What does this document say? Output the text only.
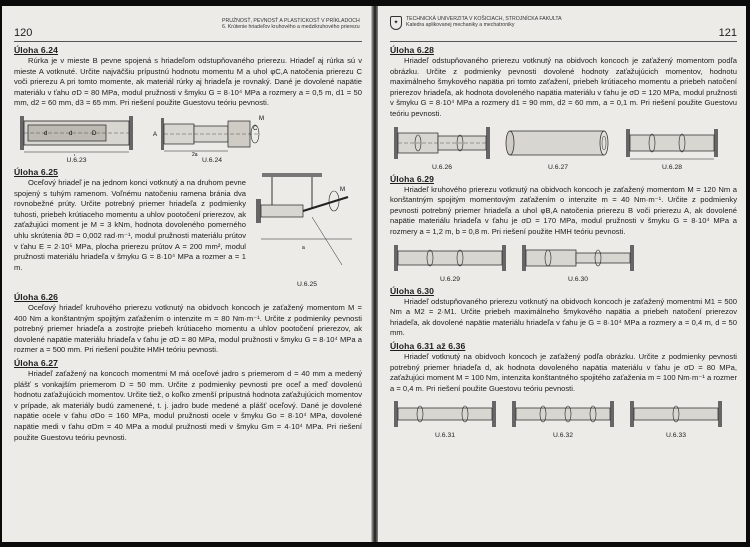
120
PRUŽNOSŤ, PEVNOSŤ A PLASTICKOSŤ V PRÍKLADOCH 6. Krútenie hriadeľov kruhového a medzikruhového prierezu
Úloha 6.24

Rúrka je v mieste B pevne spojená s hriadeľom odstupňovaného prierezu. Hriadeľ aj rúrka sú v mieste A votknuté. Určite najväčšiu prípustnú hodnotu momentu M a uhol φC,A natočenia prierezu C voči prierezu A pri tomto momente, ak materiál rúrky aj hriadeľa je rovnaký. Dané je dovolené napätie materiálu v ťahu σD = 80 MPa, modul pružnosti v šmyku G = 8·10⁴ MPa a rozmery a = 0,5 m, d1 = 50 mm, d2 = 60 mm, d3 = 65 mm. Pri riešení použite Guestovu teóriu pevnosti.

d	d	D
U.6.23
A
C
M
2a
U.6.24
M
a
U.6.25
Úloha 6.25

Oceľový hriadeľ je na jednom konci votknutý a na druhom pevne spojený s tuhým ramenom. Voľnému natočeniu ramena bránia dva rovnobežné prúty. Určite potrebný priemer hriadeľa z podmienky tuhosti, priebeh krútiaceho momentu a uhlov pootočení prierezov, ak zaťažujúci moment je M = 3 kNm, hodnota dovoleného pomerného uhlu skrútenia ϑD = 0,002 rad·m⁻¹, modul pružnosti materiálu prútov v ťahu E = 2·10⁵ MPa, plocha prierezu prútov A = 200 mm², modul pružnosti materiálu hriadeľa v šmyku G = 8·10⁴ MPa a rozmer a = 1 m.

Úloha 6.26

Oceľový hriadeľ kruhového prierezu votknutý na obidvoch koncoch je zaťažený momentom M = 400 Nm a konštantným spojitým zaťažením o intenzite m = 80 Nm·m⁻¹. Určite z podmienky pevnosti potrebný priemer hriadeľa a zostrojte priebeh krútiaceho momentu a uhlov pootočení prierezov, ak dovolené napätie materiálu hriadeľa v ťahu je σD = 80 MPa, modul pružnosti v šmyku G = 8·10⁴ MPa a rozmer a = 500 mm. Pri riešení použite HMH teóriu pevnosti.

Úloha 6.27

Hriadeľ zaťažený na koncoch momentmi M má oceľové jadro s priemerom d = 40 mm a medený plášť s vonkajším priemerom D = 50 mm. Určite z podmienky pevnosti pre oceľ a meď dovolenú hodnotu zaťažujúcich momentov. Určite tiež, o koľko zmenší prípustná hodnota zaťažujúcich momentov v prípade, ak materiály budú zamenené, t. j. jadro bude medené a plášť oceľový. Dané je dovolené napätie ocele v ťahu σDo = 160 MPa, modul pružnosti ocele v šmyku Go = 8·10⁴ MPa, dovolené napätie medi v ťahu σDm = 40 MPa a modul pružnosti medi v šmyku Gm = 4·10⁴ MPa. Pri riešení použite Guestovu teóriu pevnosti.

✦
TECHNICKÁ UNIVERZITA V KOŠICIACH, STROJNÍCKA FAKULTA Katedra aplikovanej mechaniky a mechatroniky
121
Úloha 6.28

Hriadeľ odstupňovaného prierezu votknutý na obidvoch koncoch je zaťažený momentom podľa obrázku. Určite z podmienky pevnosti dovolené hodnoty zaťažujúcich momentov, hodnotu maximálneho šmykového napätia pri tomto zaťažení, priebeh krútiaceho momentu a priebeh natočení prierezov hriadeľa, ak hodnota dovoleného napätia materiálu v ťahu je σD = 120 MPa, modul pružnosti v šmyku G = 8·10⁴ MPa a rozmery d1 = 90 mm, d2 = 60 mm, a = 0,1 m. Pri riešení použite Guestovu teóriu pevnosti.

U.6.26	U.6.27	U.6.28
Úloha 6.29

Hriadeľ kruhového prierezu votknutý na obidvoch koncoch je zaťažený momentom M = 120 Nm a konštantným spojitým momentovým zaťažením o intenzite m = 40 Nm·m⁻¹. Určite z podmienky pevnosti potrebný priemer hriadeľa a uhol φB,A natočenia prierezu B voči prierezu A, ak dovolené napätie materiálu hriadeľa v ťahu je σD = 170 MPa, modul pružnosti v šmyku G = 8·10⁴ MPa a rozmery a = 1,2 m, b = 0,8 m. Pri riešení použite HMH teóriu pevnosti.

U.6.29	U.6.30
Úloha 6.30

Hriadeľ odstupňovaného prierezu votknutý na obidvoch koncoch je zaťažený momentmi M1 = 500 Nm a M2 = 2·M1. Určite priebeh maximálneho šmykového napätia a priebeh natočení prierezov hriadeľa, ak dovolené napätie materiálu hriadeľa v ťahu je G = 8·10⁴ MPa a rozmery a = 0,4 m, d = 50 mm.

Úloha 6.31 až 6.36

Hriadeľ votknutý na obidvoch koncoch je zaťažený podľa obrázku. Určite z podmienky pevnosti potrebný priemer hriadeľa d, ak hodnota dovoleného napätia materiálu v ťahu je σD = 80 MPa, zaťažujúci moment M = 100 Nm, intenzita konštantného spojitého zaťaženia m = 100 Nm·m⁻¹ a rozmer a = 0,4 m. Pri riešení použite Guestovu teóriu pevnosti.

U.6.31	U.6.32	U.6.33
